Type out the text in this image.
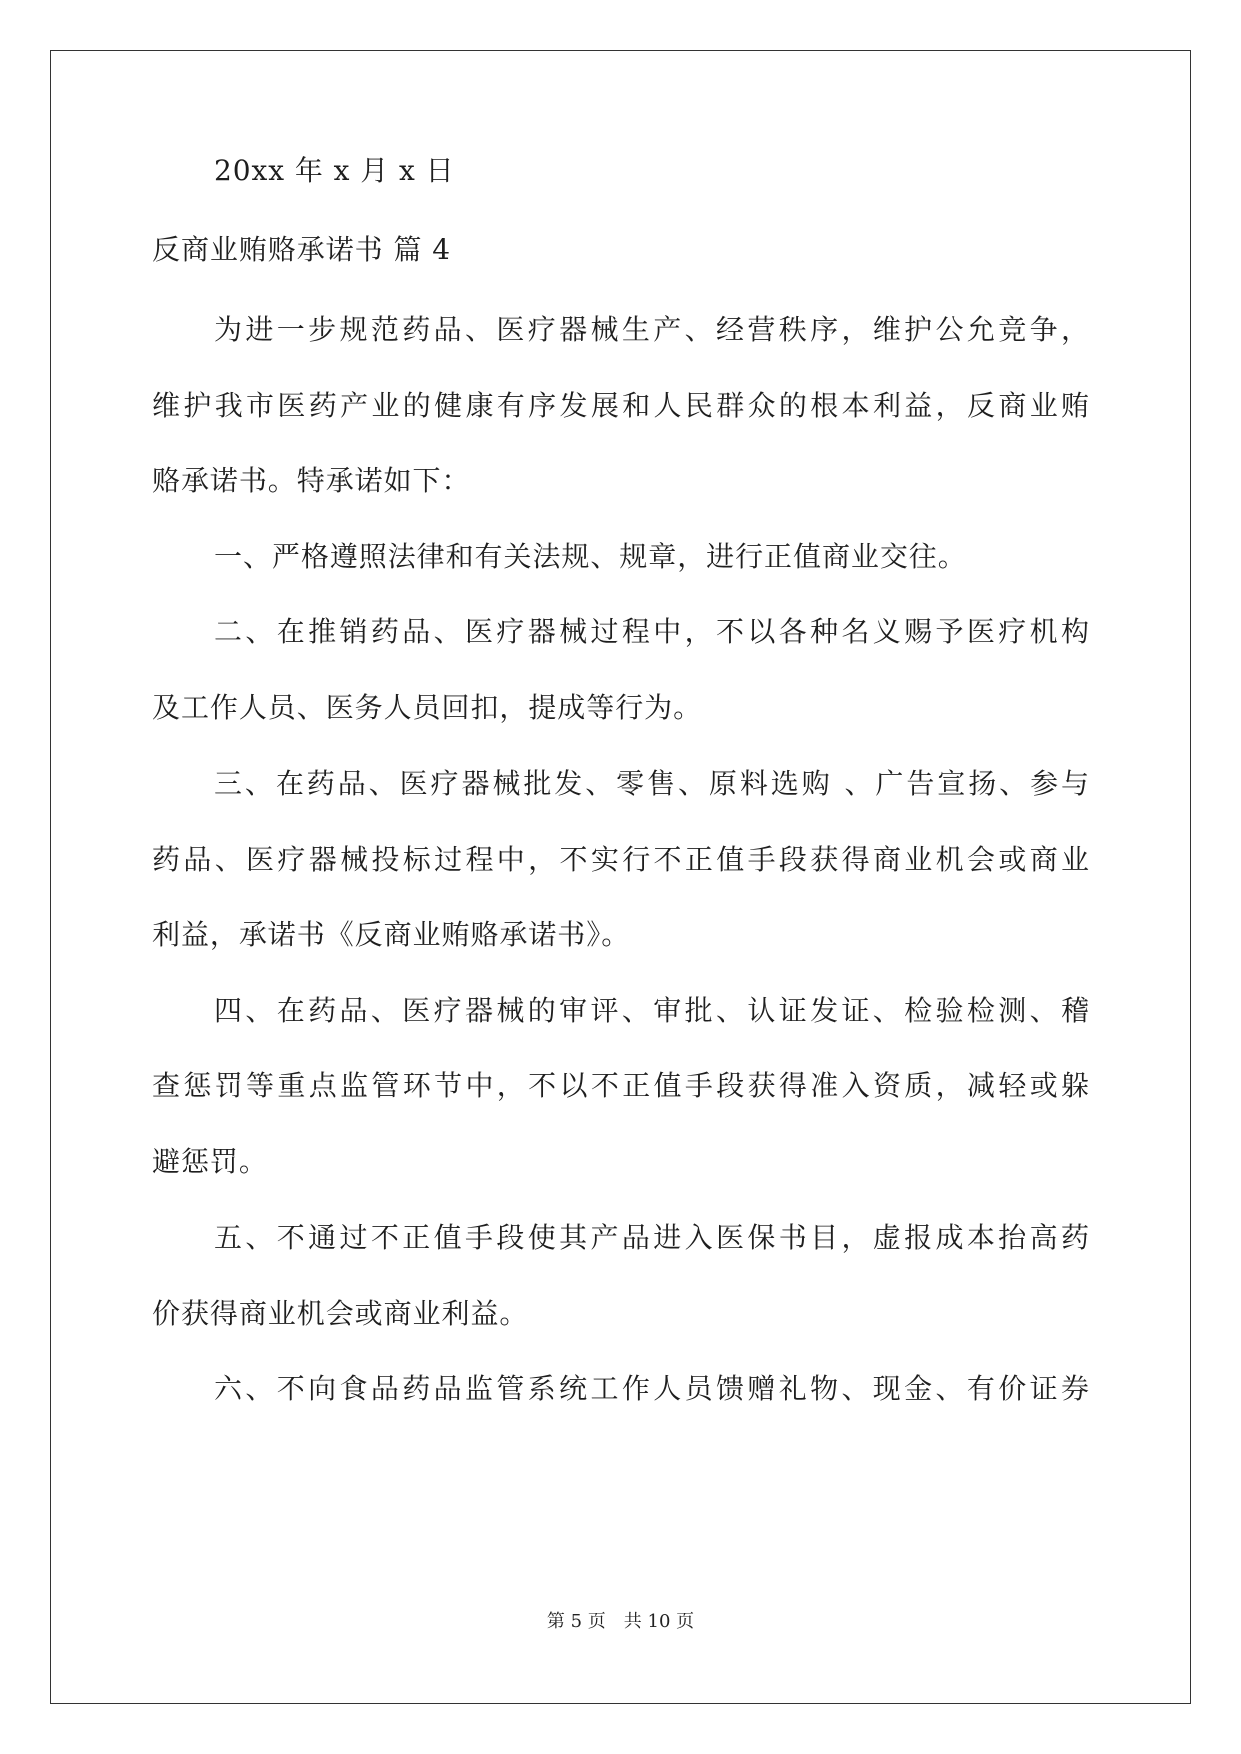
20xx 年 x 月 x 日
反商业贿赂承诺书 篇 4
为进一步规范药品、医疗器械生产、经营秩序，维护公允竞争，
维护我市医药产业的健康有序发展和人民群众的根本利益，反商业贿
赂承诺书。特承诺如下：
一、严格遵照法律和有关法规、规章，进行正值商业交往。
二、在推销药品、医疗器械过程中，不以各种名义赐予医疗机构
及工作人员、医务人员回扣，提成等行为。
三、在药品、医疗器械批发、零售、原料选购 、广告宣扬、参与
药品、医疗器械投标过程中，不实行不正值手段获得商业机会或商业
利益，承诺书《反商业贿赂承诺书》。
四、在药品、医疗器械的审评、审批、认证发证、检验检测、稽
查惩罚等重点监管环节中，不以不正值手段获得准入资质，减轻或躲
避惩罚。
五、不通过不正值手段使其产品进入医保书目，虚报成本抬高药
价获得商业机会或商业利益。
六、不向食品药品监管系统工作人员馈赠礼物、现金、有价证券
第 5 页 共 10 页
